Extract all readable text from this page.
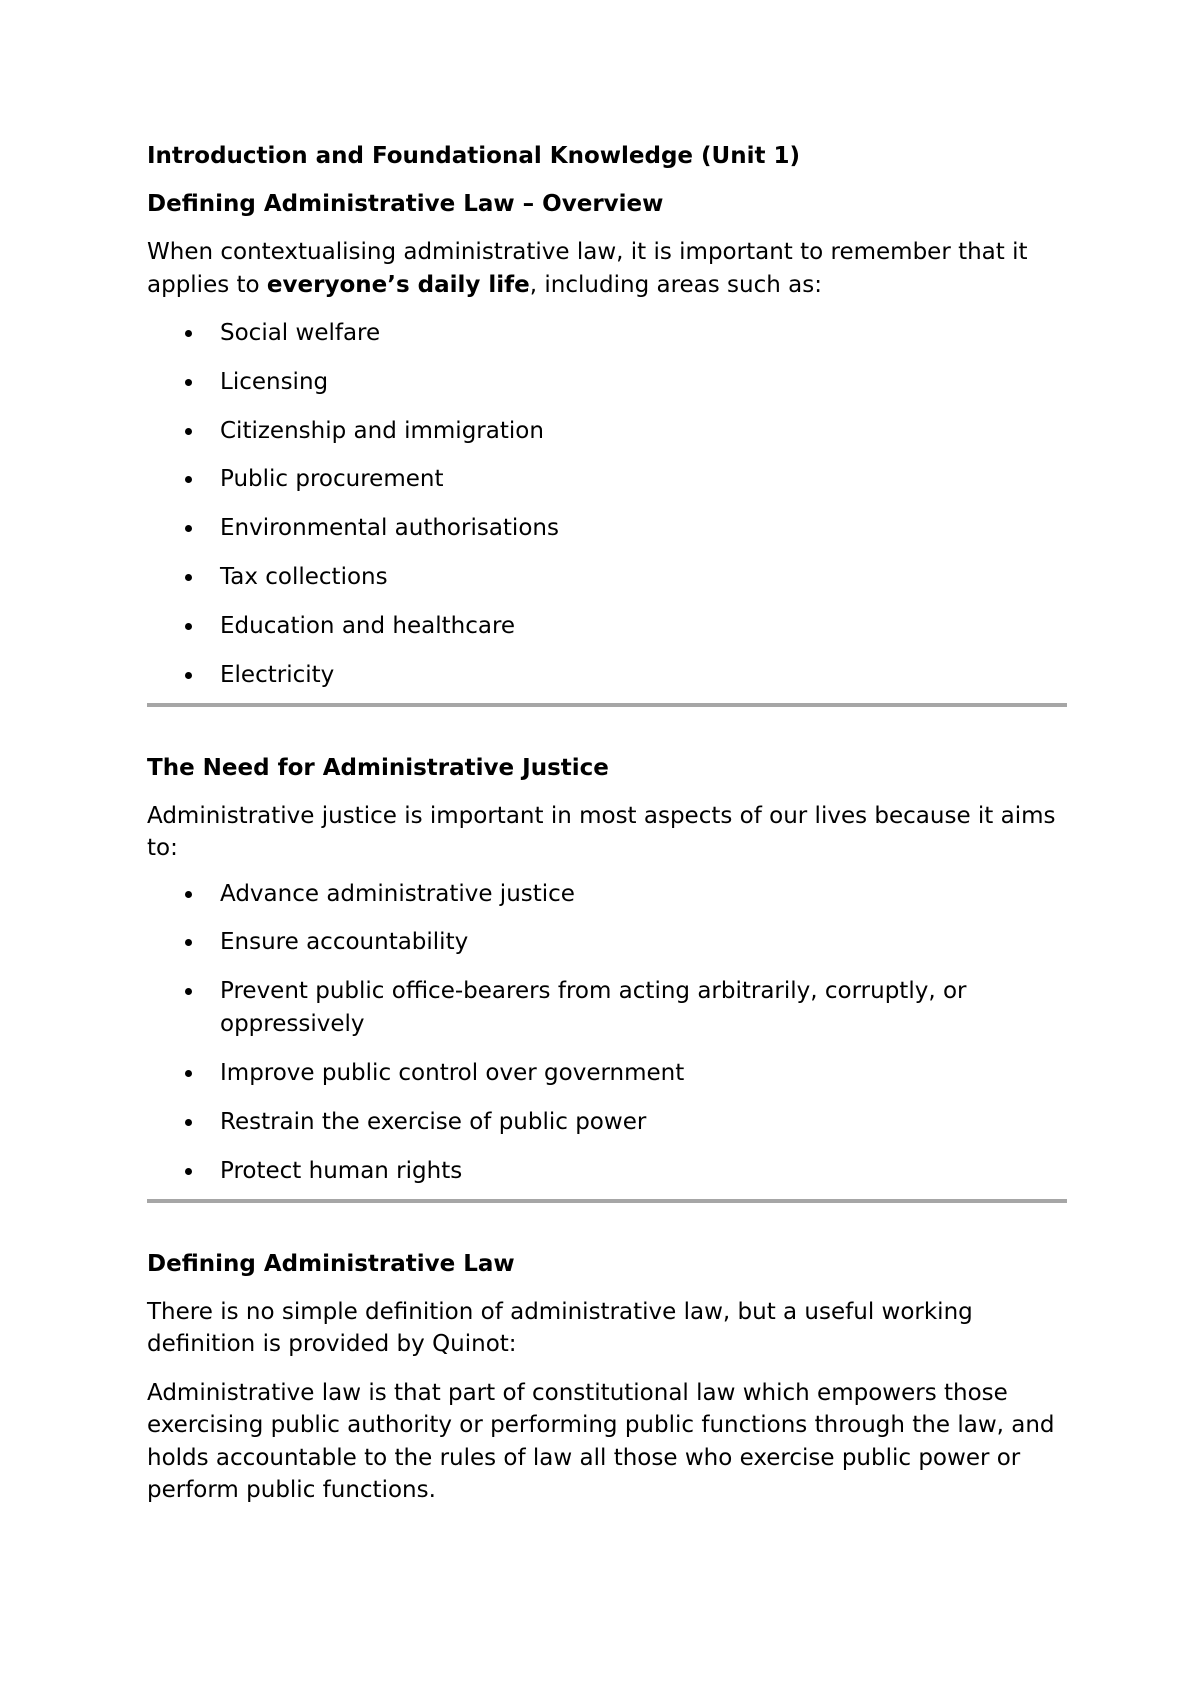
Introduction and Foundational Knowledge (Unit 1)
Defining Administrative Law – Overview
When contextualising administrative law, it is important to remember that it applies to everyone’s daily life, including areas such as:
Social welfare
Licensing
Citizenship and immigration
Public procurement
Environmental authorisations
Tax collections
Education and healthcare
Electricity
The Need for Administrative Justice
Administrative justice is important in most aspects of our lives because it aims to:
Advance administrative justice
Ensure accountability
Prevent public office-bearers from acting arbitrarily, corruptly, or oppressively
Improve public control over government
Restrain the exercise of public power
Protect human rights
Defining Administrative Law
There is no simple definition of administrative law, but a useful working definition is provided by Quinot:
Administrative law is that part of constitutional law which empowers those exercising public authority or performing public functions through the law, and holds accountable to the rules of law all those who exercise public power or perform public functions.
